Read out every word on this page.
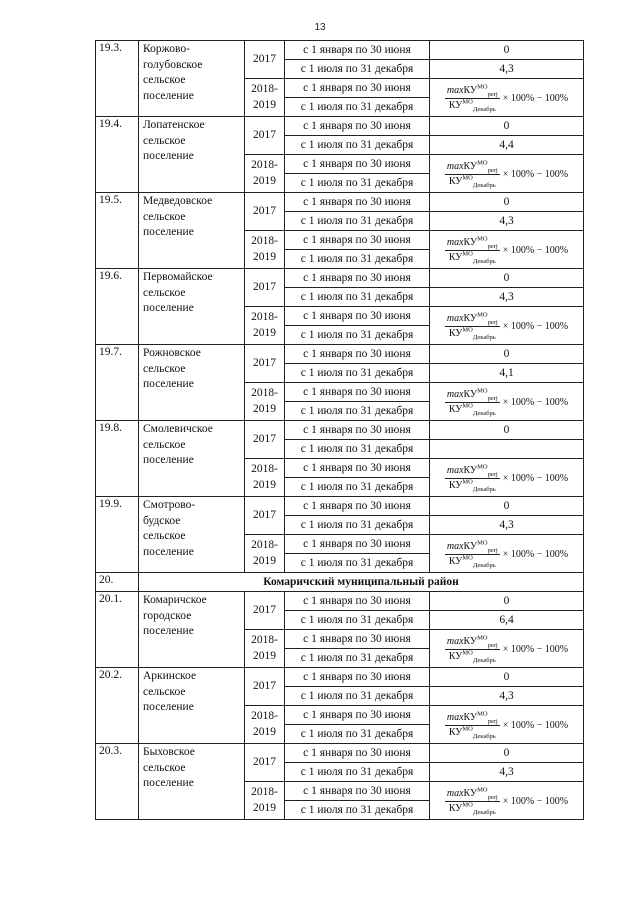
13
19.3.	Коржово-
голубовское
сельское
поселение	2017	с 1 января по 30 июня	0
			с 1 июля по 31 декабря	4,3
		2018-
2019	с 1 января по 30 июня	$\frac{\max КУ^{МО}_{perj}}{КУ^{МО}_{Декабрь}} \times 100\% - 100\%$

			с 1 июля по 31 декабря	
19.4.	Лопатенское
сельское
поселение	2017	с 1 января по 30 июня	0
			с 1 июля по 31 декабря	4,4
		2018-
2019	с 1 января по 30 июня	$\frac{\max КУ^{МО}_{perj}}{КУ^{МО}_{Декабрь}} \times 100\% - 100\%$

			с 1 июля по 31 декабря	
19.5.	Медведовское
сельское
поселение	2017	с 1 января по 30 июня	0
			с 1 июля по 31 декабря	4,3
		2018-
2019	с 1 января по 30 июня	$\frac{\max КУ^{МО}_{perj}}{КУ^{МО}_{Декабрь}} \times 100\% - 100\%$

			с 1 июля по 31 декабря	
19.6.	Первомайское
сельское
поселение	2017	с 1 января по 30 июня	0
			с 1 июля по 31 декабря	4,3
		2018-
2019	с 1 января по 30 июня	$\frac{\max КУ^{МО}_{perj}}{КУ^{МО}_{Декабрь}} \times 100\% - 100\%$

			с 1 июля по 31 декабря	
19.7.	Рожновское
сельское
поселение	2017	с 1 января по 30 июня	0
			с 1 июля по 31 декабря	4,1
		2018-
2019	с 1 января по 30 июня	$\frac{\max КУ^{МО}_{perj}}{КУ^{МО}_{Декабрь}} \times 100\% - 100\%$

			с 1 июля по 31 декабря	
19.8.	Смолевичское
сельское
поселение	2017	с 1 января по 30 июня	0
			с 1 июля по 31 декабря	
		2018-
2019	с 1 января по 30 июня	$\frac{\max КУ^{МО}_{perj}}{КУ^{МО}_{Декабрь}} \times 100\% - 100\%$

			с 1 июля по 31 декабря	
19.9.	Смотрово-
будское
сельское
поселение	2017	с 1 января по 30 июня	0
			с 1 июля по 31 декабря	4,3
		2018-
2019	с 1 января по 30 июня	$\frac{\max КУ^{МО}_{perj}}{КУ^{МО}_{Декабрь}} \times 100\% - 100\%$

			с 1 июля по 31 декабря	
20.	Комаричский муниципальный район			
20.1.	Комаричское
городское
поселение	2017	с 1 января по 30 июня	0
			с 1 июля по 31 декабря	6,4
		2018-
2019	с 1 января по 30 июня	$\frac{\max КУ^{МО}_{perj}}{КУ^{МО}_{Декабрь}} \times 100\% - 100\%$

			с 1 июля по 31 декабря	
20.2.	Аркинское
сельское
поселение	2017	с 1 января по 30 июня	0
			с 1 июля по 31 декабря	4,3
		2018-
2019	с 1 января по 30 июня	$\frac{\max КУ^{МО}_{perj}}{КУ^{МО}_{Декабрь}} \times 100\% - 100\%$

			с 1 июля по 31 декабря	
20.3.	Быховское
сельское
поселение	2017	с 1 января по 30 июня	0
			с 1 июля по 31 декабря	4,3
		2018-
2019	с 1 января по 30 июня	$\frac{\max КУ^{МО}_{perj}}{КУ^{МО}_{Декабрь}} \times 100\% - 100\%$

			с 1 июля по 31 декабря	
